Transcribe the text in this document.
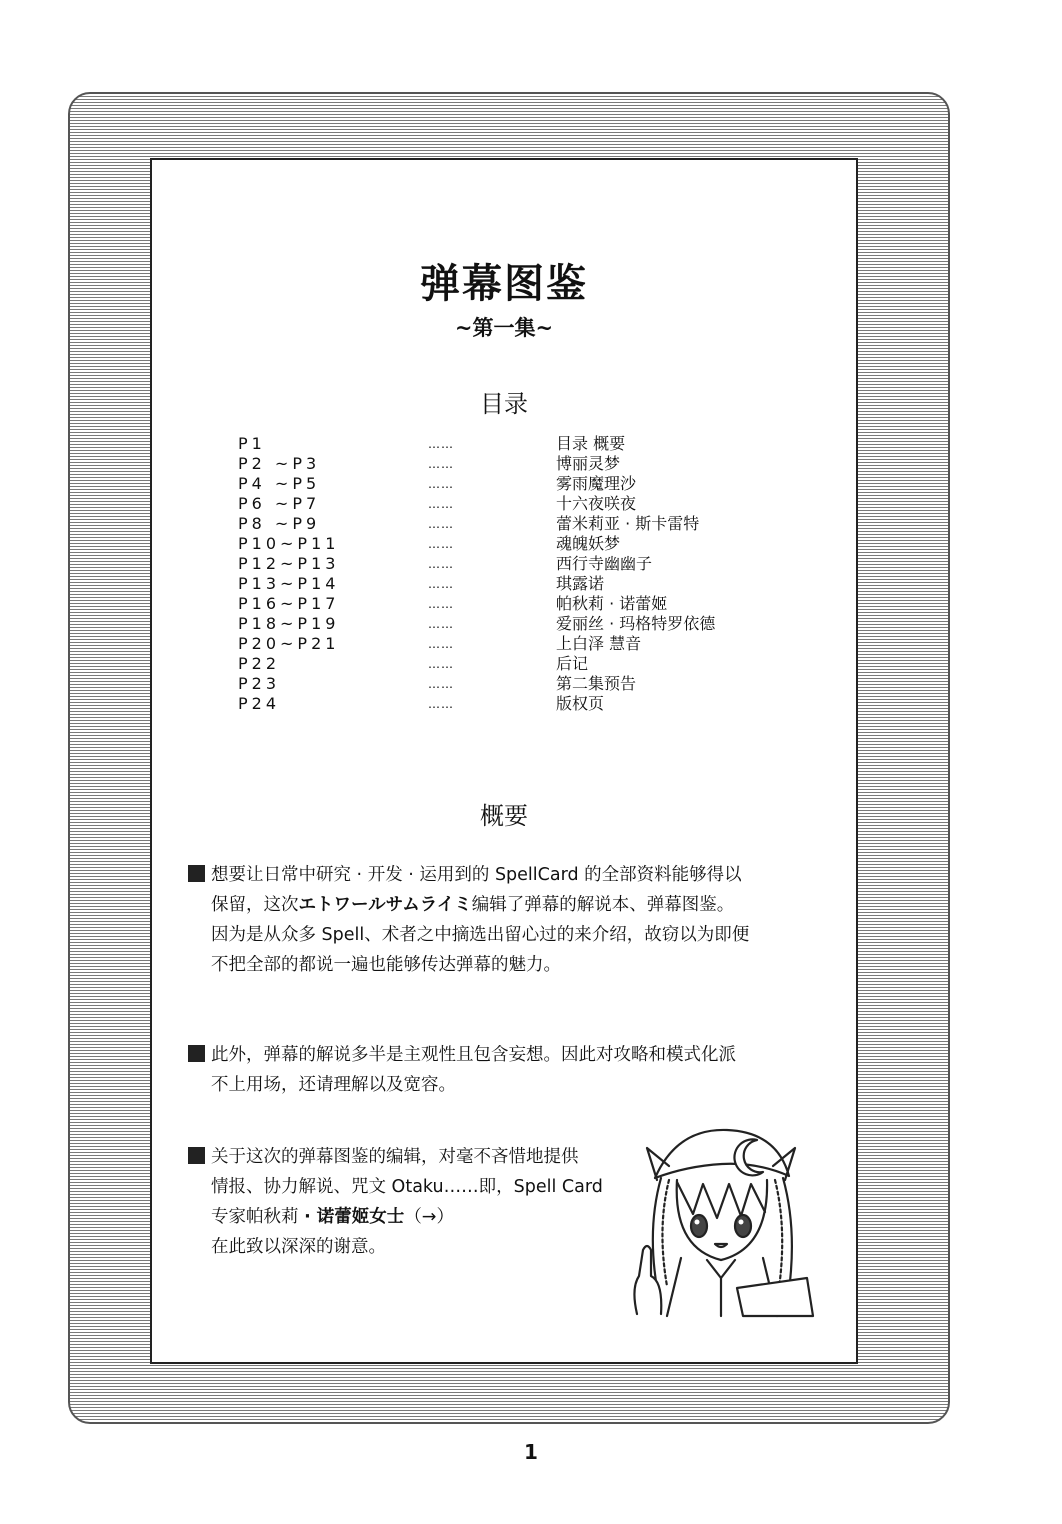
弹幕图鉴
~第一集~
目录
P1	……	目录 概要
P2 ~P3	……	博丽灵梦
P4 ~P5	……	雾雨魔理沙
P6 ~P7	……	十六夜咲夜
P8 ~P9	……	蕾米莉亚 · 斯卡雷特
P10~P11	……	魂魄妖梦
P12~P13	……	西行寺幽幽子
P13~P14	……	琪露诺
P16~P17	……	帕秋莉 · 诺蕾姬
P18~P19	……	爱丽丝 · 玛格特罗依德
P20~P21	……	上白泽 慧音
P22	……	后记
P23	……	第二集预告
P24	……	版权页
概要
想要让日常中研究 · 开发 · 运用到的 SpellCard 的全部资料能够得以
保留，这次エトワールサムライミ编辑了弹幕的解说本、弹幕图鉴。
因为是从众多 Spell、术者之中摘选出留心过的来介绍，故窃以为即便
不把全部的都说一遍也能够传达弹幕的魅力。
此外，弹幕的解说多半是主观性且包含妄想。因此对攻略和模式化派
不上用场，还请理解以及宽容。
关于这次的弹幕图鉴的编辑，对毫不吝惜地提供
情报、协力解说、咒文 Otaku……即，Spell Card
专家帕秋莉 · 诺蕾姬女士（→）
在此致以深深的谢意。
1
